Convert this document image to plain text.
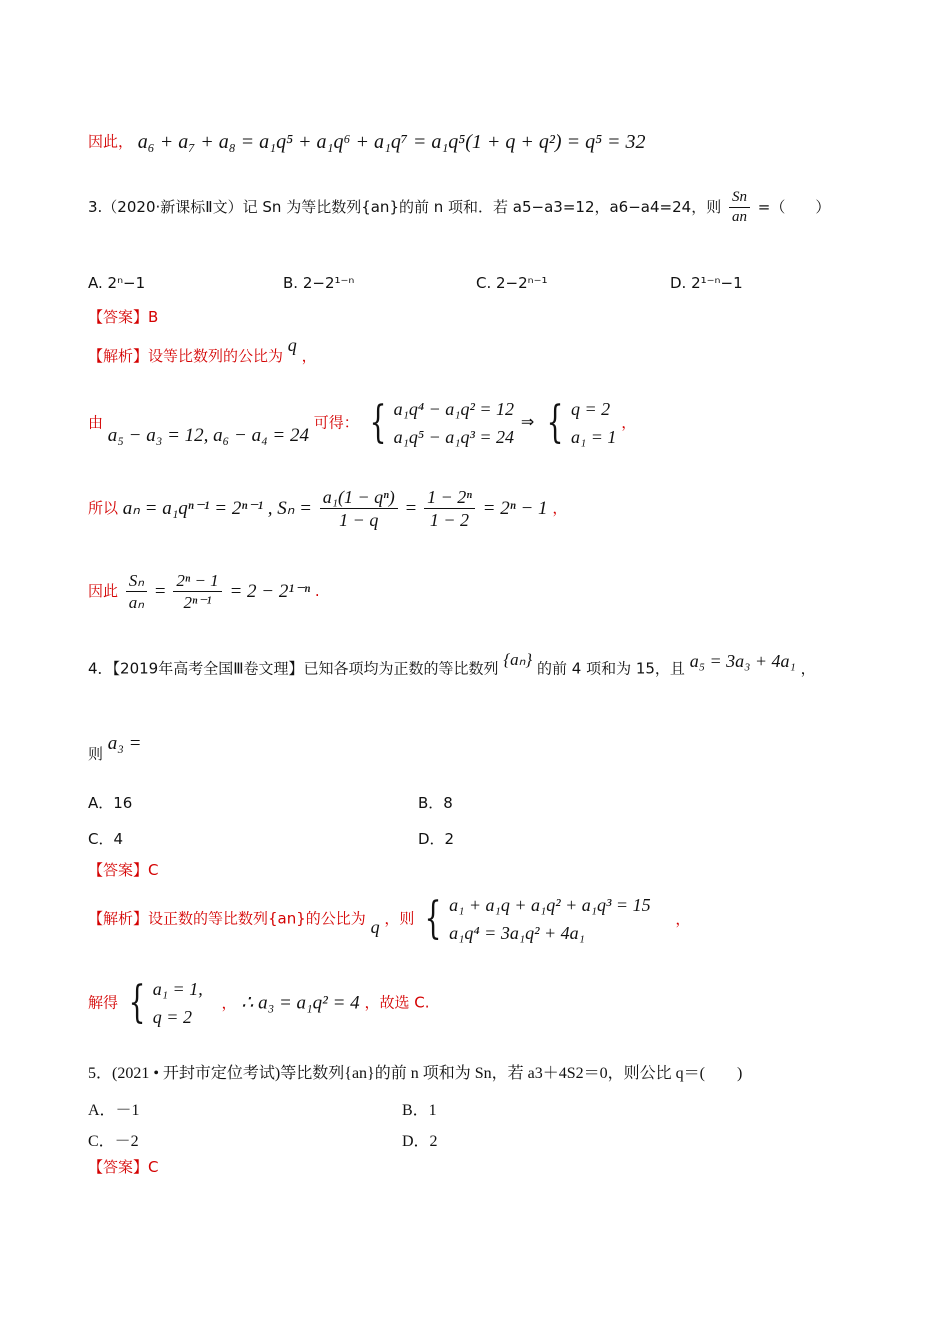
因此， a₆ + a₇ + a₈ = a₁q⁵ + a₁q⁶ + a₁q⁷ = a₁q⁵(1 + q + q²) = q⁵ = 32
3.（2020·新课标Ⅱ文）记 Sn 为等比数列{an}的前 n 项和．若 a5−a3=12，a6−a4=24，则 $\frac{Sn}{an}$ =（　　）
A. 2ⁿ−1	B. 2−2¹⁻ⁿ	C. 2−2ⁿ⁻¹	D. 2¹⁻ⁿ−1
【答案】B
【解析】设等比数列的公比为 q ，
由 a₅ − a₃ = 12, a₆ − a₄ = 24 可得： { a₁q⁴ − a₁q² = 12
a₁q⁵ − a₁q³ = 24
⇒ { q = 2
a₁ = 1
，
所以 aₙ = a₁qⁿ⁻¹ = 2ⁿ⁻¹ , $S_n = \frac{\text{a₁(1 − qⁿ)}}{1 - q} = \frac{\text{1 − 2ⁿ}}{1 - 2} = 2^n - 1$ ，
因此 $\frac{\text{Sₙ}}{\text{aₙ}} = \frac{\text{2ⁿ − 1}}{\text{2ⁿ⁻¹}} = 2 - 2^{1-n}$ .
4．【2019年高考全国Ⅲ卷文理】已知各项均为正数的等比数列 {aₙ} 的前 4 项和为 15，且 a₅ = 3a₃ + 4a₁ ，
则 a₃ =
A．16	B．8
C．4	D．2
【答案】C
【解析】设正数的等比数列{an}的公比为 q ，则 { a₁ + a₁q + a₁q² + a₁q³ = 15
a₁q⁴ = 3a₁q² + 4a₁
，
解得 { a₁ = 1,
q = 2
， ∴ a₃ = a₁q² = 4 ，故选 C.
5．(2021 • 开封市定位考试)等比数列{an}的前 n 项和为 Sn，若 a3＋4S2＝0，则公比 q＝(　　)
A．－1	B．1
C．－2	D．2
【答案】C
